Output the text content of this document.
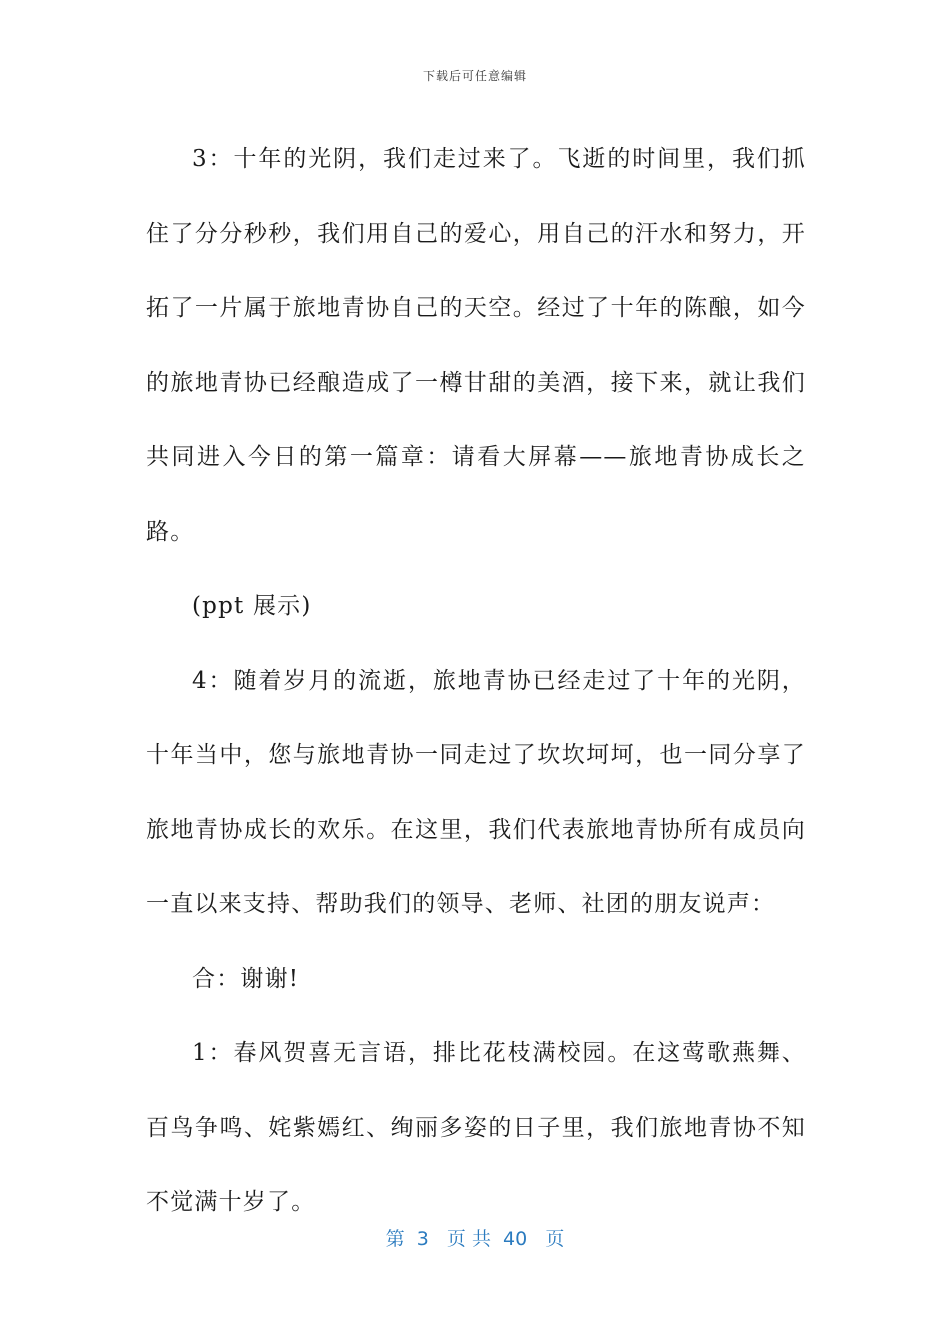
下载后可任意编辑

3：十年的光阴，我们走过来了。飞逝的时间里，我们抓住了分分秒秒，我们用自己的爱心，用自己的汗水和努力，开拓了一片属于旅地青协自己的天空。经过了十年的陈酿，如今的旅地青协已经酿造成了一樽甘甜的美酒，接下来，就让我们共同进入今日的第一篇章：请看大屏幕——旅地青协成长之路。

(ppt 展示)

4：随着岁月的流逝，旅地青协已经走过了十年的光阴，十年当中，您与旅地青协一同走过了坎坎坷坷，也一同分享了旅地青协成长的欢乐。在这里，我们代表旅地青协所有成员向一直以来支持、帮助我们的领导、老师、社团的朋友说声：

合：谢谢!

1：春风贺喜无言语，排比花枝满校园。在这莺歌燕舞、百鸟争鸣、姹紫嫣红、绚丽多姿的日子里，我们旅地青协不知不觉满十岁了。

第  3   页 共  40   页
